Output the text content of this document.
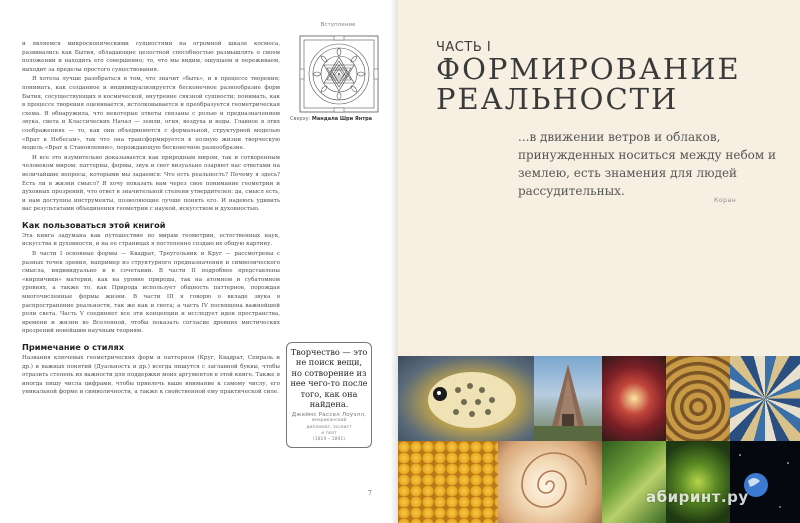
и являемся микроскопическими сущностями на огромной шкале космоса, развивались как Бытия, обладающие целостной способностью размышлять о своем положении и находить его совершенно; то, что мы видим, ощущаем и переживаем, выходит за пределы простого существования.

Я хотела лучше разобраться в том, что значит «быть», и в процессе творения; понимать, как созданное и индивидуализируется бесконечное разнообразие форм Бытия, сосуществующих в космической, внутренне связной сущности; понимать, как в процессе творения оценивается, истолковывается и преобразуется геометрическая схема. Я обнаружила, что некоторые ответы связаны с ролью и предназначением звука, света и Классических Начал — земли, огня, воздуха и воды. Главное в этих соображениях — то, как они объединяются с формальной, структурной моделью «Врат к Небесам», так что она трансформируется в полную жизни творческую модель «Врат к Становлению», порождающую бесконечное разнообразие.

И все это изумительно доказывается как природным миром, так и сотворенным человеком миром: паттерны, формы, звук и свет визуально озаряют нас ответами на величайшие вопросы, которыми мы задаемся: Что есть реальность? Почему я здесь? Есть ли в жизни смысл? Я хочу показать вам через свое понимание геометрии и духовных прозрений, что ответ в значительной степени утвердителен: да, смысл есть, и нам доступны инструменты, позволяющие лучше понять его. И надеюсь удивить вас результатами объединения геометрии с наукой, искусством и духовностью.

Как пользоваться этой книгой

Эта книга задумана как путешествие по мирам геометрии, естественных наук, искусства и духовности, и на ее страницах я постепенно создаю их общую картину.

В части I основные формы — Квадрат, Треугольник и Круг — рассмотрены с разных точек зрения, например из структурного предназначения и символического смысла, индивидуально и в сочетании. В части II подробнее представлены «кирпичики» материи, как на уровне природы, так на атомном и субатомном уровнях, а также то, как Природа использует общность паттернов, порождая многочисленные формы жизни. В части III я говорю о вкладе звука в распространение реальности, так же как и света; а часть IV посвящена важнейшей роли света. Часть V соединяет все эти концепции и исследует идеи пространства, времени и жизни во Вселенной, чтобы показать согласие древних мистических прозрений новейшим научным теориям.

Примечание о стилях

Названия ключевых геометрических форм и паттернов (Круг, Квадрат, Спираль и др.) и важных понятий (Дуальность и др.) всегда пишутся с заглавной буквы, чтобы отразить степень их важности для поддержки моих аргументов в этой книге. Также я иногда пишу числа цифрами, чтобы привлечь ваше внимание к самому числу, его уникальной форме и символичности, а также к свойственной ему практической силе.

Вступление
Сверху: Мандала Шри Янтра
Творчество — это не поиск вещи, но сотворение из нее чего-то после того, как она найдена.
Джеймс Рассел Лоуэлл,
американский
дипломат, эссеист
и поэт
(1819 – 1891)
7
ЧАСТЬ I
ФОРМИРОВАНИЕ
РЕАЛЬНОСТИ
...в движении ветров и облаков, принужденных носиться между небом и землею, есть знамения для людей рассудительных.
Коран
абиринт.ру
